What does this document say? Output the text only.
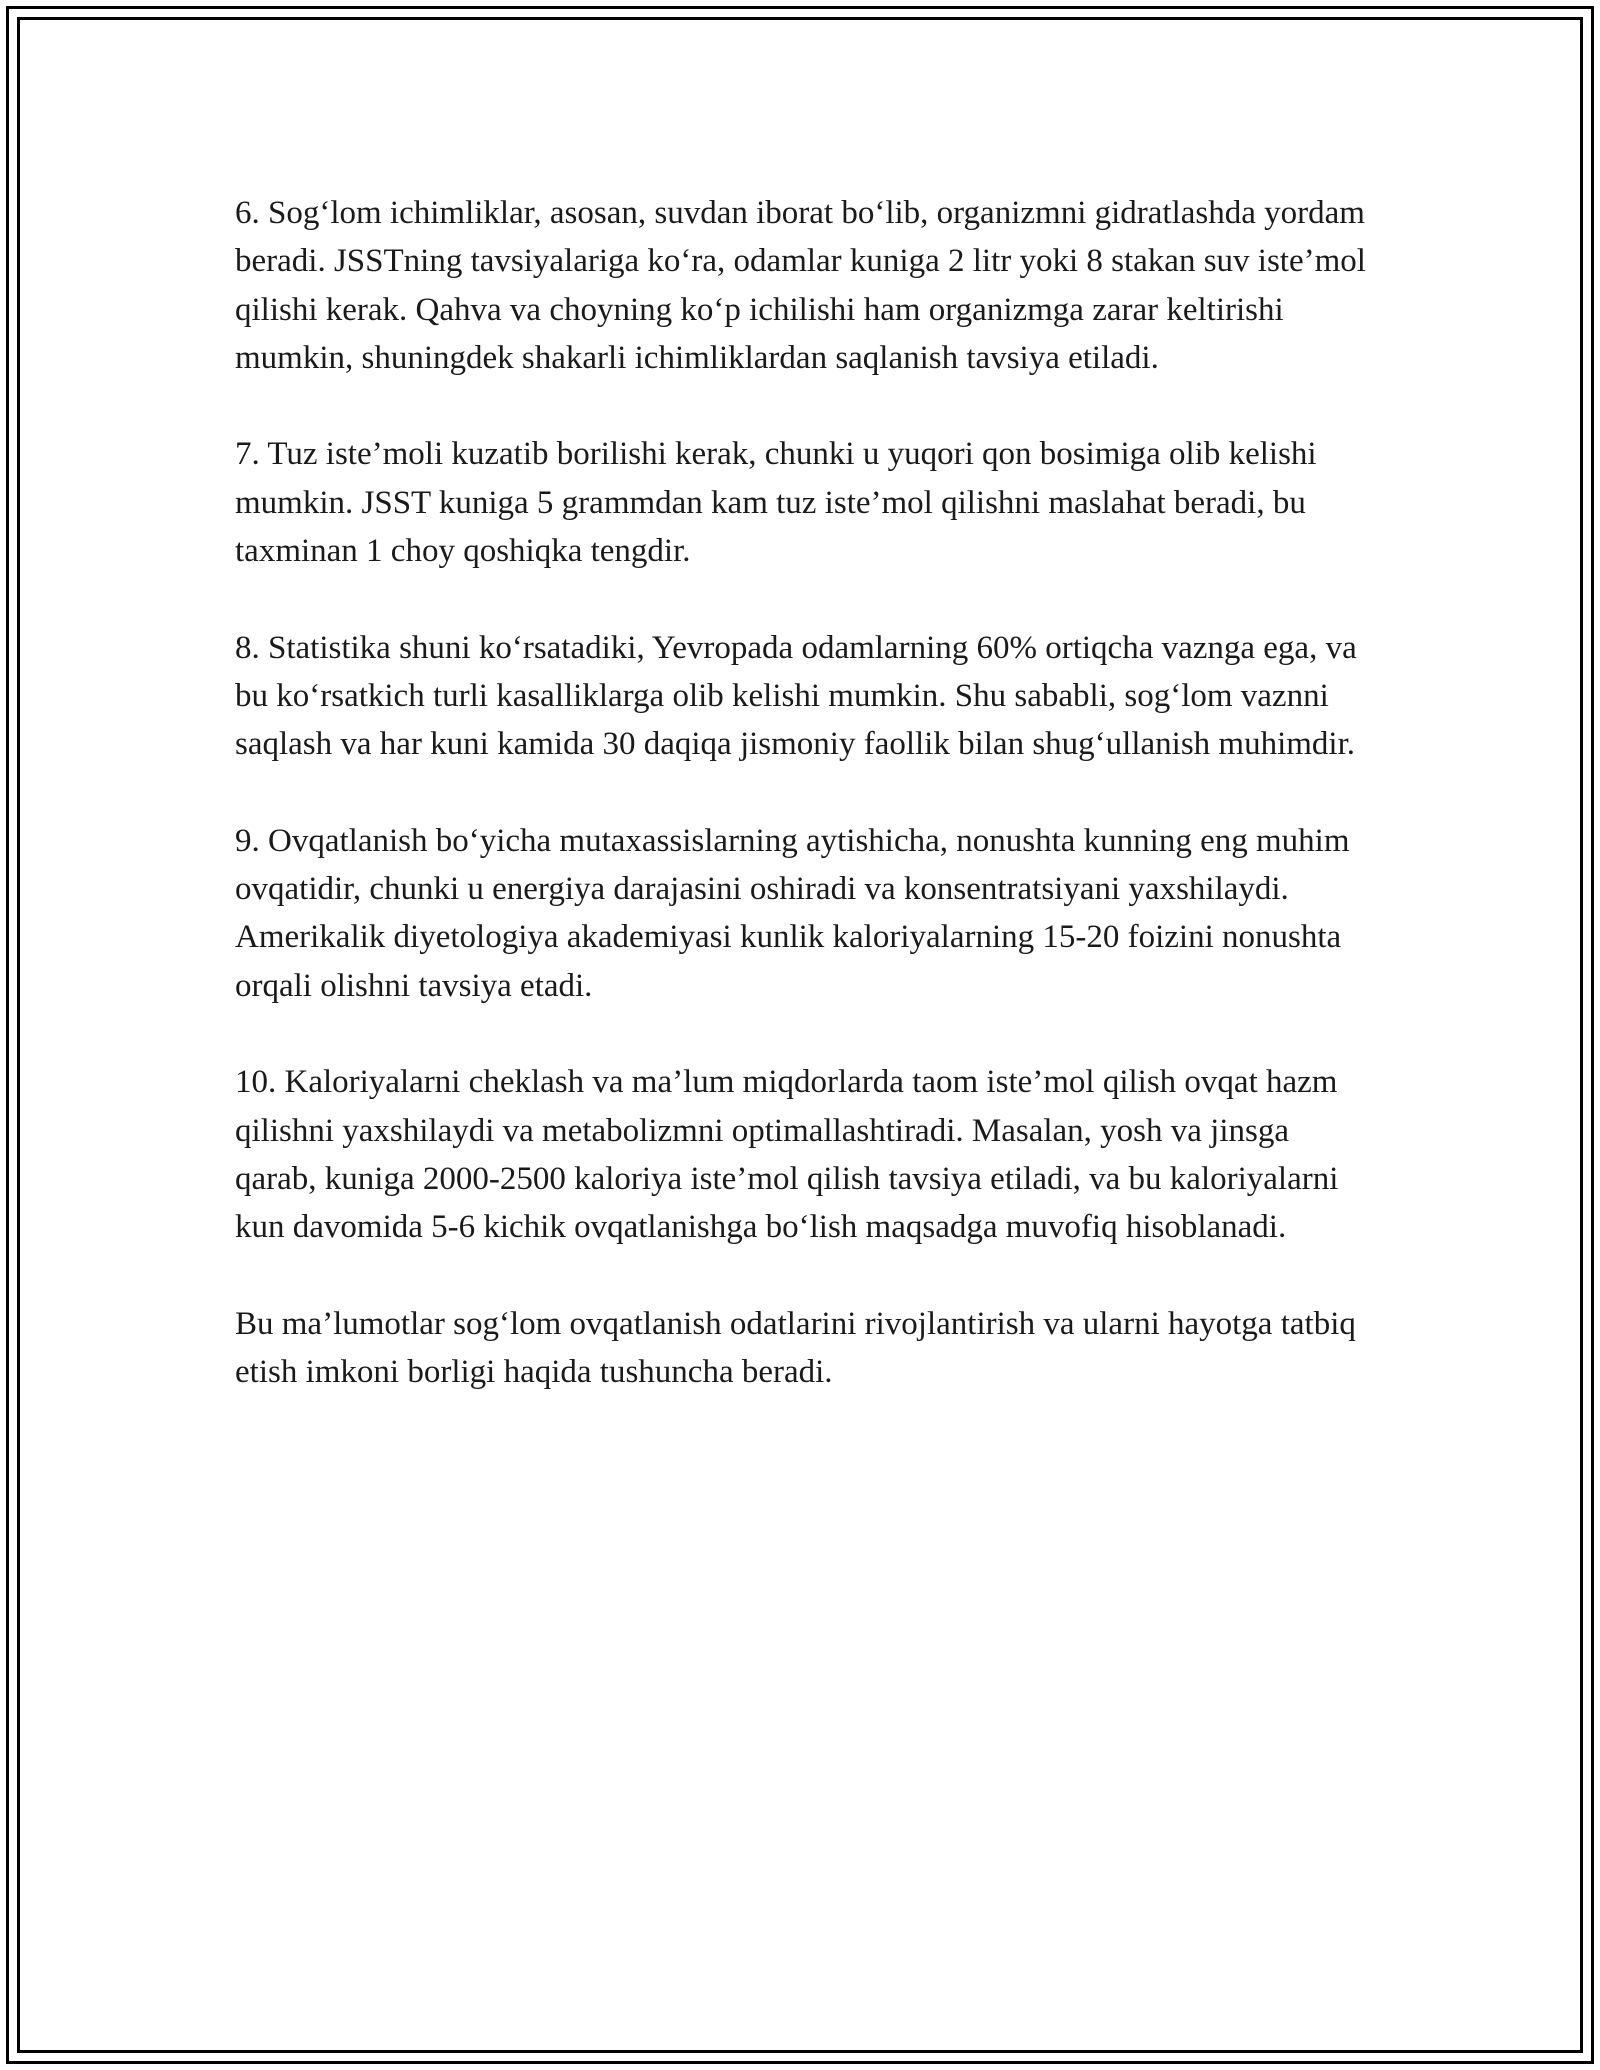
6. Sog‘lom ichimliklar, asosan, suvdan iborat bo‘lib, organizmni gidratlashda yordam beradi. JSSTning tavsiyalariga ko‘ra, odamlar kuniga 2 litr yoki 8 stakan suv iste’mol qilishi kerak. Qahva va choyning ko‘p ichilishi ham organizmga zarar keltirishi mumkin, shuningdek shakarli ichimliklardan saqlanish tavsiya etiladi.

7. Tuz iste’moli kuzatib borilishi kerak, chunki u yuqori qon bosimiga olib kelishi mumkin. JSST kuniga 5 grammdan kam tuz iste’mol qilishni maslahat beradi, bu taxminan 1 choy qoshiqka tengdir.

8. Statistika shuni ko‘rsatadiki, Yevropada odamlarning 60% ortiqcha vaznga ega, va bu ko‘rsatkich turli kasalliklarga olib kelishi mumkin. Shu sababli, sog‘lom vaznni saqlash va har kuni kamida 30 daqiqa jismoniy faollik bilan shug‘ullanish muhimdir.

9. Ovqatlanish bo‘yicha mutaxassislarning aytishicha, nonushta kunning eng muhim ovqatidir, chunki u energiya darajasini oshiradi va konsentratsiyani yaxshilaydi. Amerikalik diyetologiya akademiyasi kunlik kaloriyalarning 15-20 foizini nonushta orqali olishni tavsiya etadi.

10. Kaloriyalarni cheklash va ma’lum miqdorlarda taom iste’mol qilish ovqat hazm qilishni yaxshilaydi va metabolizmni optimallashtiradi. Masalan, yosh va jinsga qarab, kuniga 2000-2500 kaloriya iste’mol qilish tavsiya etiladi, va bu kaloriyalarni kun davomida 5-6 kichik ovqatlanishga bo‘lish maqsadga muvofiq hisoblanadi.

Bu ma’lumotlar sog‘lom ovqatlanish odatlarini rivojlantirish va ularni hayotga tatbiq etish imkoni borligi haqida tushuncha beradi.
